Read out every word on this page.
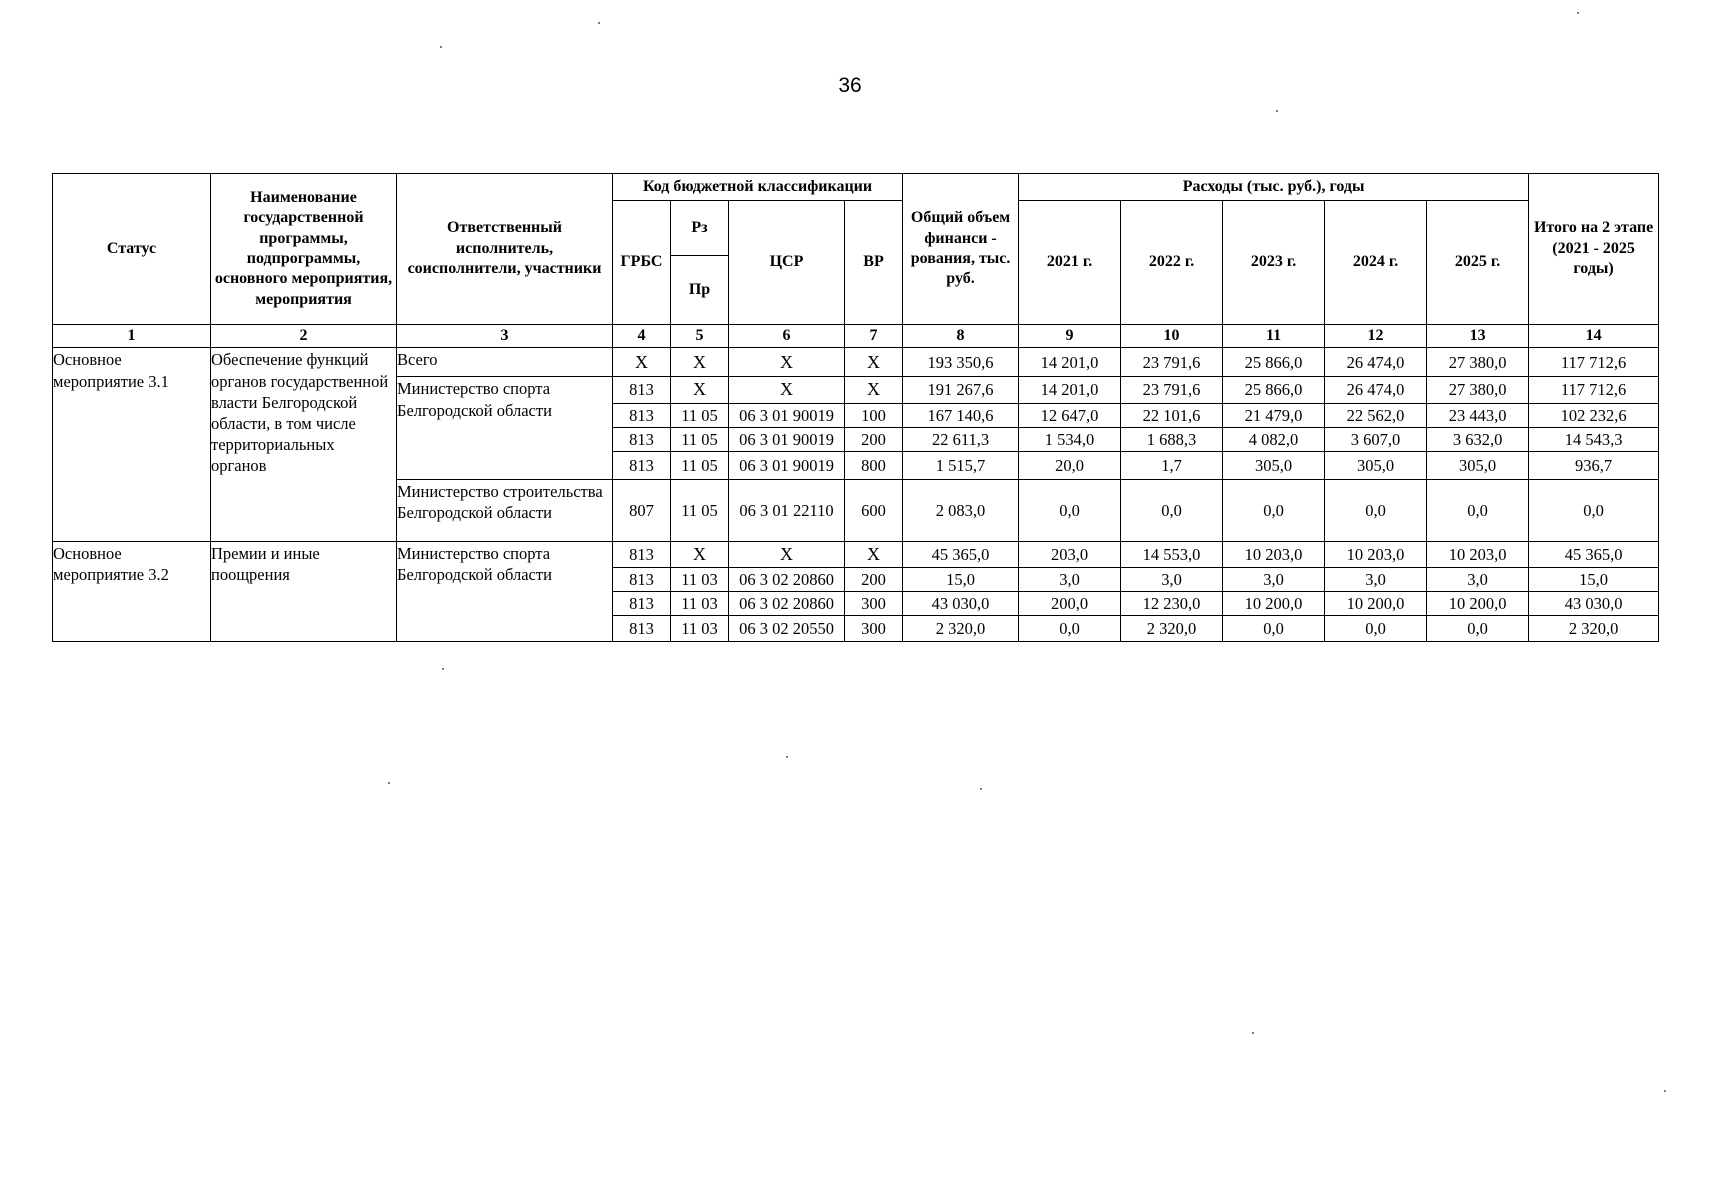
36
Статус	Наименование государственной программы, подпрограммы, основного мероприятия, мероприятия	Ответственный исполнитель, соисполнители, участники	Код бюджетной классификации				Общий объем финанси - рования, тыс. руб.	Расходы (тыс. руб.), годы					Итого на 2 этапе (2021 - 2025 годы)
			ГРБС	Рз	ЦСР	ВР		2021 г.	2022 г.	2023 г.	2024 г.	2025 г.	
				Пр									
1	2	3	4	5	6	7	8	9	10	11	12	13	14
Основное мероприятие 3.1	Обеспечение функций органов государственной власти Белгородской области, в том числе территориальных органов	Всего	Х	Х	Х	Х	193 350,6	14 201,0	23 791,6	25 866,0	26 474,0	27 380,0	117 712,6
		Министерство спорта Белгородской области	813	Х	Х	Х	191 267,6	14 201,0	23 791,6	25 866,0	26 474,0	27 380,0	117 712,6
			813	11 05	06 3 01 90019	100	167 140,6	12 647,0	22 101,6	21 479,0	22 562,0	23 443,0	102 232,6
			813	11 05	06 3 01 90019	200	22 611,3	1 534,0	1 688,3	4 082,0	3 607,0	3 632,0	14 543,3
			813	11 05	06 3 01 90019	800	1 515,7	20,0	1,7	305,0	305,0	305,0	936,7
		Министерство строительства Белгородской области	807	11 05	06 3 01 22110	600	2 083,0	0,0	0,0	0,0	0,0	0,0	0,0
Основное мероприятие 3.2	Премии и иные поощрения	Министерство спорта Белгородской области	813	Х	Х	Х	45 365,0	203,0	14 553,0	10 203,0	10 203,0	10 203,0	45 365,0
			813	11 03	06 3 02 20860	200	15,0	3,0	3,0	3,0	3,0	3,0	15,0
			813	11 03	06 3 02 20860	300	43 030,0	200,0	12 230,0	10 200,0	10 200,0	10 200,0	43 030,0
			813	11 03	06 3 02 20550	300	2 320,0	0,0	2 320,0	0,0	0,0	0,0	2 320,0
